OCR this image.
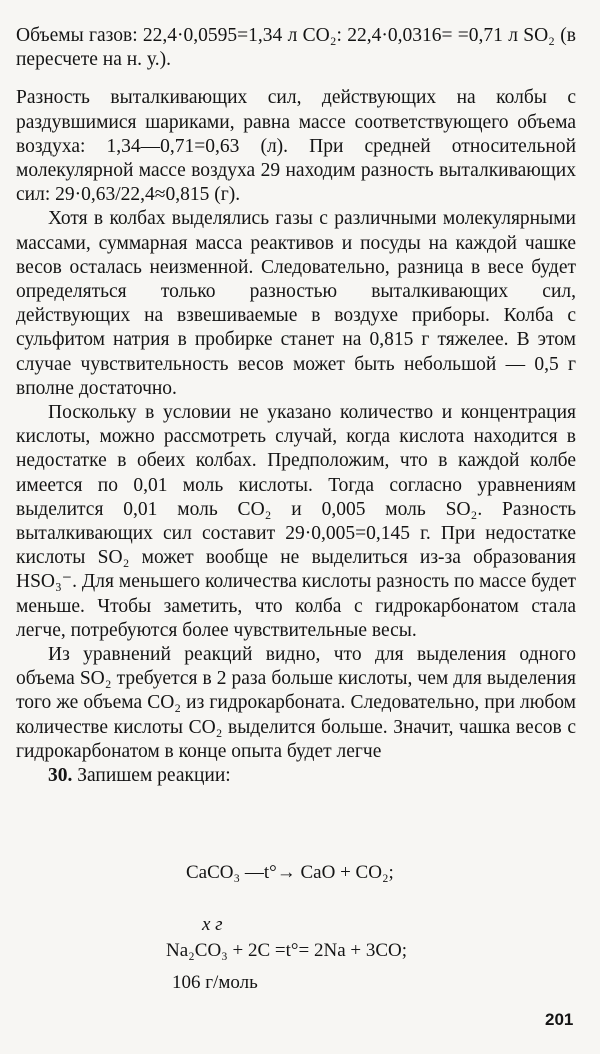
Объемы газов: 22,4·0,0595=1,34 л CO₂: 22,4·0,0316= =0,71 л SO₂ (в пересчете на н. у.).

Разность выталкивающих сил, действующих на колбы с раздувшимися шариками, равна массе соответствующего объема воздуха: 1,34—0,71=0,63 (л). При средней относительной молекулярной массе воздуха 29 находим разность выталкивающих сил: 29·0,63/22,4≈0,815 (г).

Хотя в колбах выделялись газы с различными молекулярными массами, суммарная масса реактивов и посуды на каждой чашке весов осталась неизменной. Следовательно, разница в весе будет определяться только разностью выталкивающих сил, действующих на взвешиваемые в воздухе приборы. Колба с сульфитом натрия в пробирке станет на 0,815 г тяжелее. В этом случае чувствительность весов может быть небольшой — 0,5 г вполне достаточно.

Поскольку в условии не указано количество и концентрация кислоты, можно рассмотреть случай, когда кислота находится в недостатке в обеих колбах. Предположим, что в каждой колбе имеется по 0,01 моль кислоты. Тогда согласно уравнениям выделится 0,01 моль CO₂ и 0,005 моль SO₂. Разность выталкивающих сил составит 29·0,005=0,145 г. При недостатке кислоты SO₂ может вообще не выделиться из-за образования HSO₃⁻. Для меньшего количества кислоты разность по массе будет меньше. Чтобы заметить, что колба с гидрокарбонатом стала легче, потребуются более чувствительные весы.

Из уравнений реакций видно, что для выделения одного объема SO₂ требуется в 2 раза больше кислоты, чем для выделения того же объема CO₂ из гидрокарбоната. Следовательно, при любом количестве кислоты CO₂ выделится больше. Значит, чашка весов с гидрокарбонатом в конце опыта будет легче

30. Запишем реакции:

CaCO₃ —t°→ CaO + CO₂;
x г
Na₂CO₃ + 2C =t°= 2Na + 3CO;
106 г/моль
201
